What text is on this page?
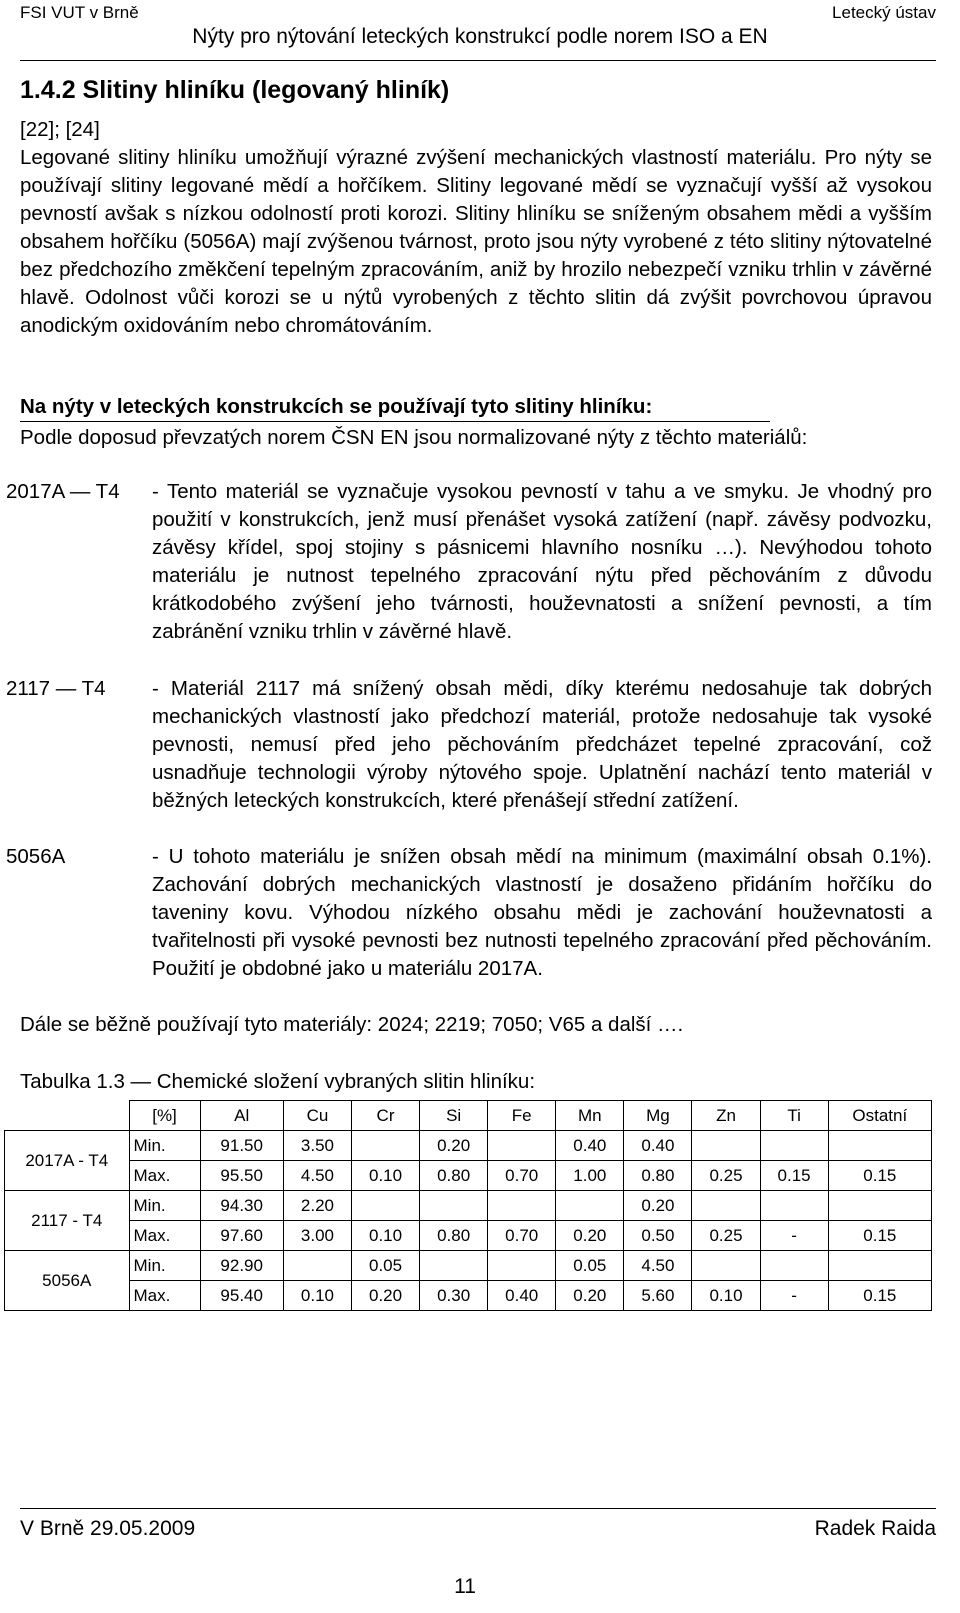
FSI VUT v Brně	Letecký ústav
Nýty pro nýtování leteckých konstrukcí podle norem ISO a EN
1.4.2 Slitiny hliníku (legovaný hliník)
[22]; [24]
Legované slitiny hliníku umožňují výrazné zvýšení mechanických vlastností materiálu. Pro nýty se používají slitiny legované mědí a hořčíkem. Slitiny legované mědí se vyznačují vyšší až vysokou pevností avšak s nízkou odolností proti korozi. Slitiny hliníku se sníženým obsahem mědi a vyšším obsahem hořčíku (5056A) mají zvýšenou tvárnost, proto jsou nýty vyrobené z této slitiny nýtovatelné bez předchozího změkčení tepelným zpracováním, aniž by hrozilo nebezpečí vzniku trhlin v závěrné hlavě. Odolnost vůči korozi se u nýtů vyrobených z těchto slitin dá zvýšit povrchovou úpravou anodickým oxidováním nebo chromátováním.
Na nýty v leteckých konstrukcích se používají tyto slitiny hliníku:
Podle doposud převzatých norem ČSN EN jsou normalizované nýty z těchto materiálů:
2017A — T4	- Tento materiál se vyznačuje vysokou pevností v tahu a ve smyku. Je vhodný pro použití v konstrukcích, jenž musí přenášet vysoká zatížení (např. závěsy podvozku, závěsy křídel, spoj stojiny s pásnicemi hlavního nosníku …). Nevýhodou tohoto materiálu je nutnost tepelného zpracování nýtu před pěchováním z důvodu krátkodobého zvýšení jeho tvárnosti, houževnatosti a snížení pevnosti, a tím zabránění vzniku trhlin v závěrné hlavě.
2117 — T4	- Materiál 2117 má snížený obsah mědi, díky kterému nedosahuje tak dobrých mechanických vlastností jako předchozí materiál, protože nedosahuje tak vysoké pevnosti, nemusí před jeho pěchováním předcházet tepelné zpracování, což usnadňuje technologii výroby nýtového spoje. Uplatnění nachází tento materiál v běžných leteckých konstrukcích, které přenášejí střední zatížení.
5056A	- U tohoto materiálu je snížen obsah mědí na minimum (maximální obsah 0.1%). Zachování dobrých mechanických vlastností je dosaženo přidáním hořčíku do taveniny kovu. Výhodou nízkého obsahu mědi je zachování houževnatosti a tvařitelnosti při vysoké pevnosti bez nutnosti tepelného zpracování před pěchováním. Použití je obdobné jako u materiálu 2017A.
Dále se běžně používají tyto materiály: 2024; 2219; 7050; V65 a další ….
Tabulka 1.3 — Chemické složení vybraných slitin hliníku:
	[%]	Al	Cu	Cr	Si	Fe	Mn	Mg	Zn	Ti	Ostatní
2017A - T4	Min.	91.50	3.50		0.20		0.40	0.40			
	Max.	95.50	4.50	0.10	0.80	0.70	1.00	0.80	0.25	0.15	0.15
2117 - T4	Min.	94.30	2.20					0.20			
	Max.	97.60	3.00	0.10	0.80	0.70	0.20	0.50	0.25	-	0.15
5056A	Min.	92.90		0.05			0.05	4.50			
	Max.	95.40	0.10	0.20	0.30	0.40	0.20	5.60	0.10	-	0.15
V Brně 29.05.2009	Radek Raida
11
